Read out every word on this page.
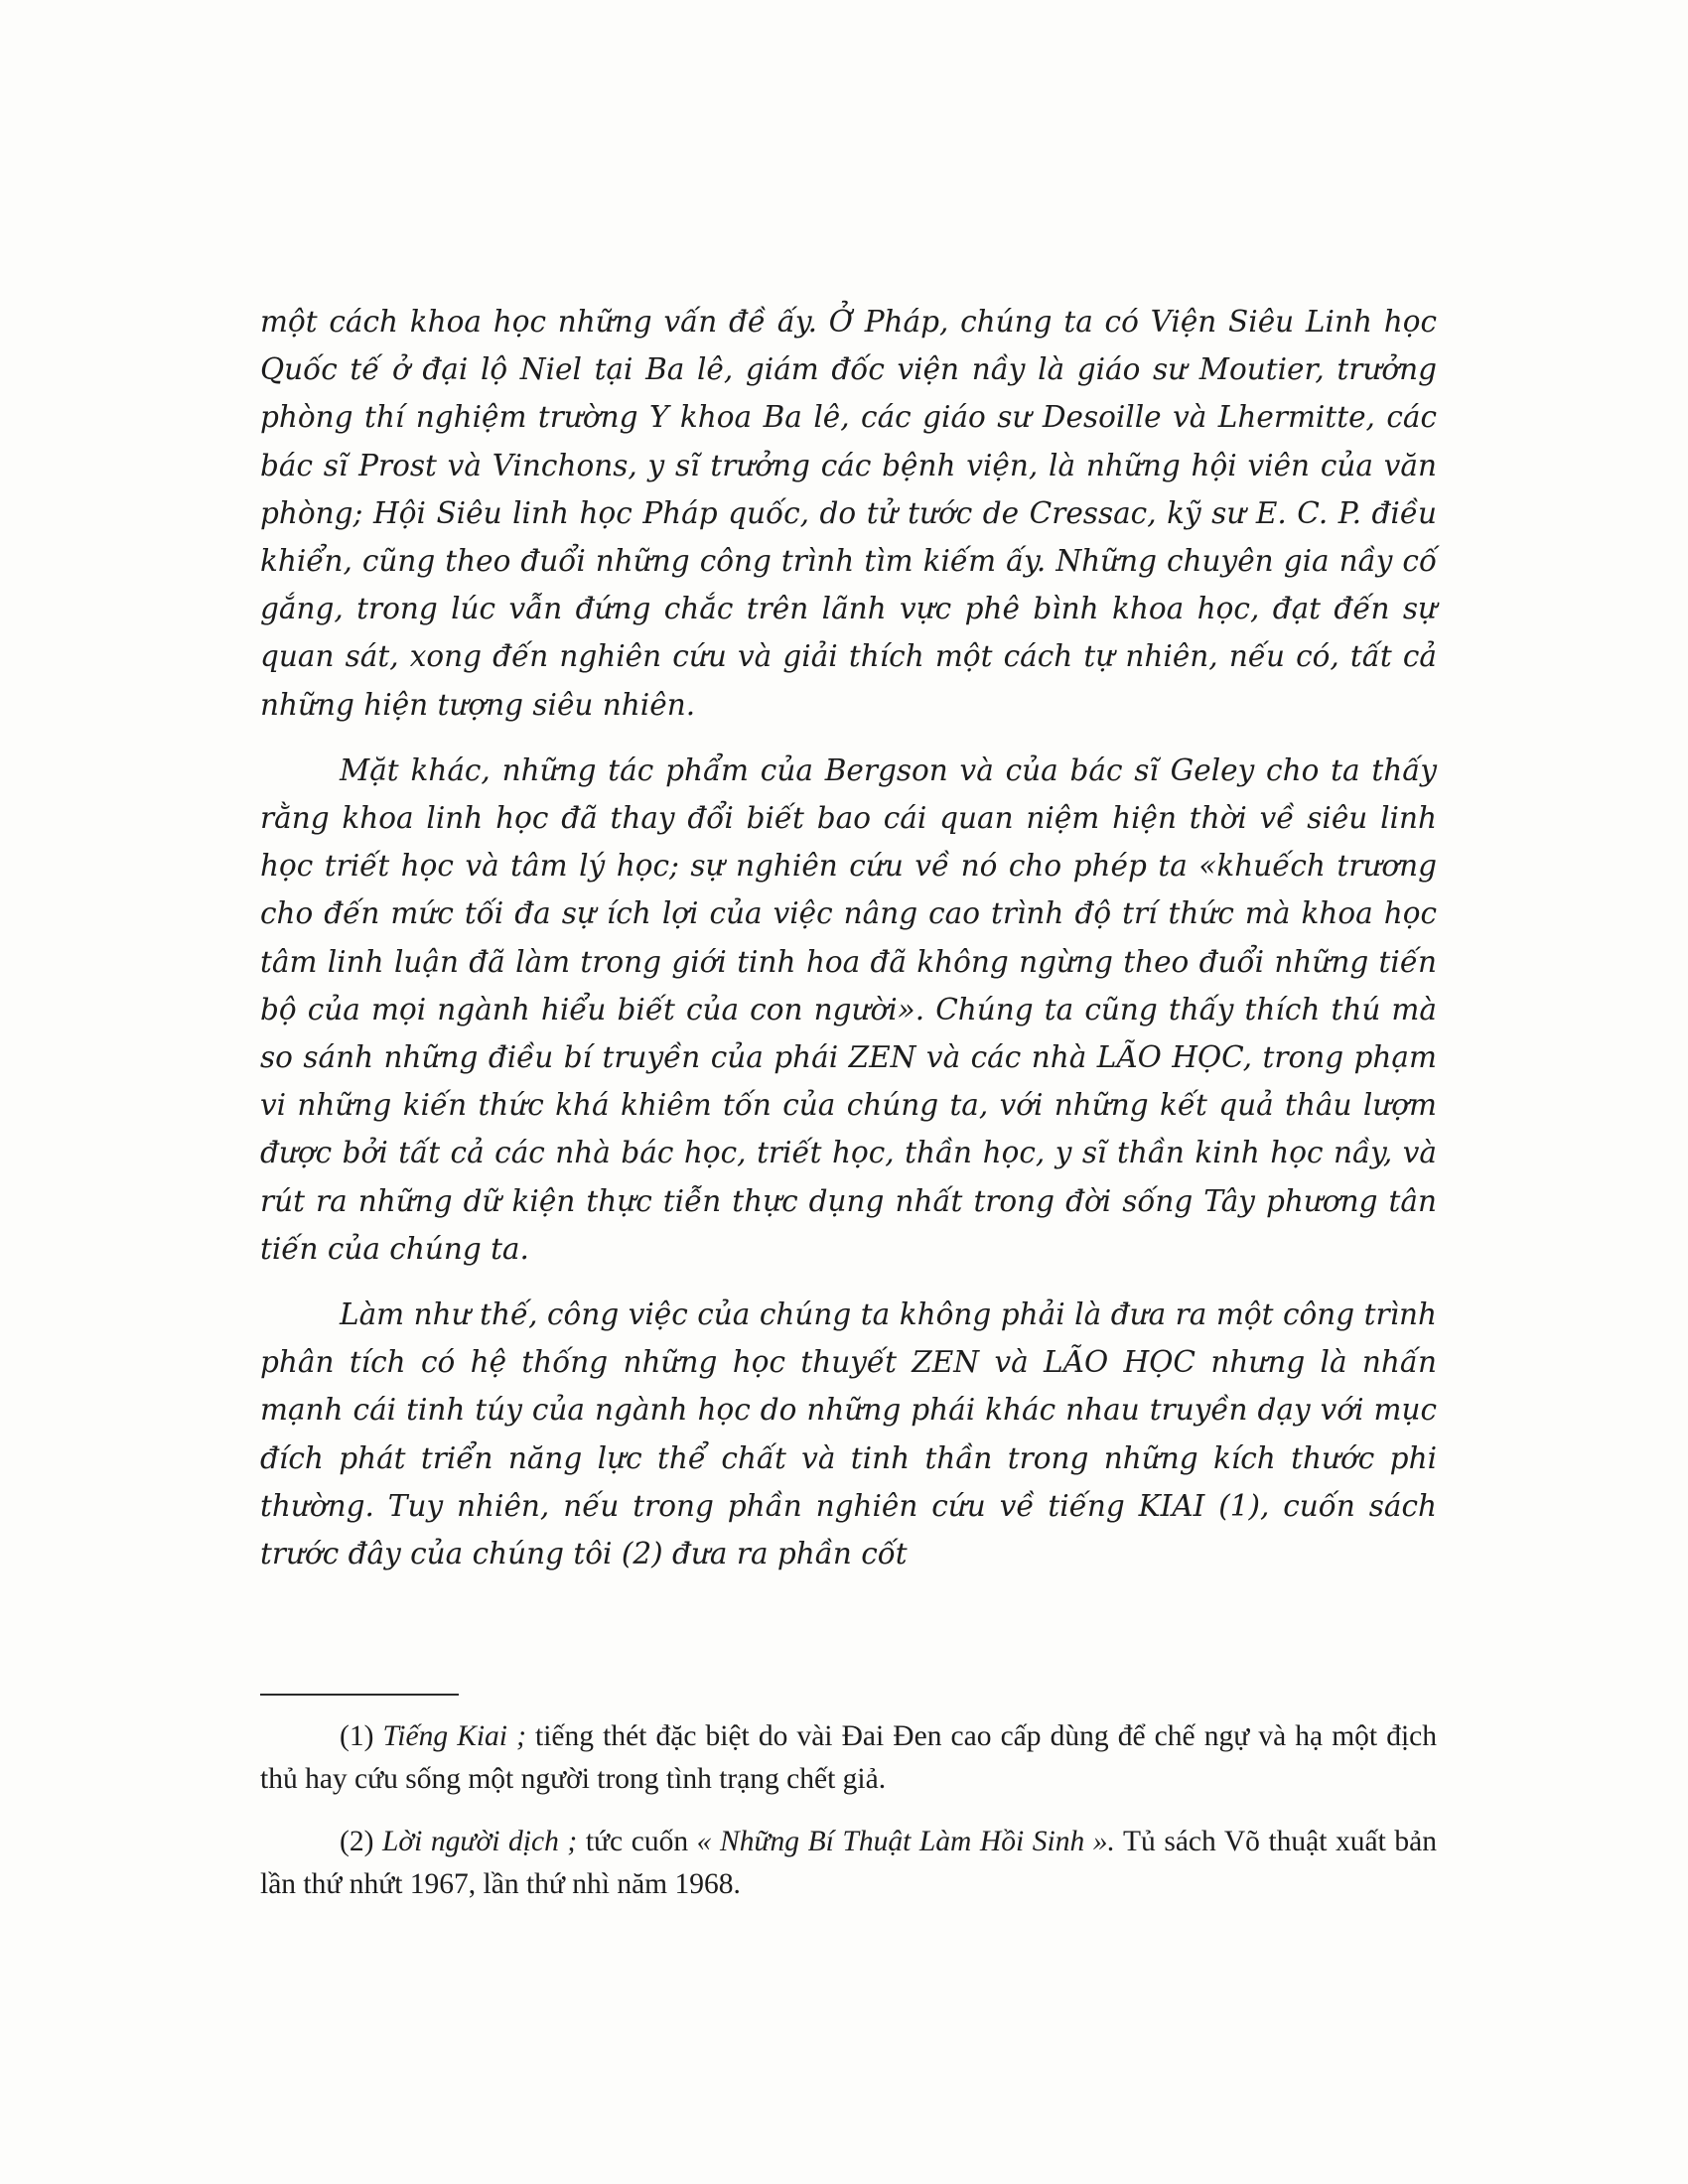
một cách khoa học những vấn đề ấy. Ở Pháp, chúng ta có Viện Siêu Linh học Quốc tế ở đại lộ Niel tại Ba lê, giám đốc viện nầy là giáo sư Moutier, trưởng phòng thí nghiệm trường Y khoa Ba lê, các giáo sư Desoille và Lhermitte, các bác sĩ Prost và Vinchons, y sĩ trưởng các bệnh viện, là những hội viên của văn phòng; Hội Siêu linh học Pháp quốc, do tử tước de Cressac, kỹ sư E. C. P. điều khiển, cũng theo đuổi những công trình tìm kiếm ấy. Những chuyên gia nầy cố gắng, trong lúc vẫn đứng chắc trên lãnh vực phê bình khoa học, đạt đến sự quan sát, xong đến nghiên cứu và giải thích một cách tự nhiên, nếu có, tất cả những hiện tượng siêu nhiên.

Mặt khác, những tác phẩm của Bergson và của bác sĩ Geley cho ta thấy rằng khoa linh học đã thay đổi biết bao cái quan niệm hiện thời về siêu linh học triết học và tâm lý học; sự nghiên cứu về nó cho phép ta «khuếch trương cho đến mức tối đa sự ích lợi của việc nâng cao trình độ trí thức mà khoa học tâm linh luận đã làm trong giới tinh hoa đã không ngừng theo đuổi những tiến bộ của mọi ngành hiểu biết của con người». Chúng ta cũng thấy thích thú mà so sánh những điều bí truyền của phái ZEN và các nhà LÃO HỌC, trong phạm vi những kiến thức khá khiêm tốn của chúng ta, với những kết quả thâu lượm được bởi tất cả các nhà bác học, triết học, thần học, y sĩ thần kinh học nầy, và rút ra những dữ kiện thực tiễn thực dụng nhất trong đời sống Tây phương tân tiến của chúng ta.

Làm như thế, công việc của chúng ta không phải là đưa ra một công trình phân tích có hệ thống những học thuyết ZEN và LÃO HỌC nhưng là nhấn mạnh cái tinh túy của ngành học do những phái khác nhau truyền dạy với mục đích phát triển năng lực thể chất và tinh thần trong những kích thước phi thường. Tuy nhiên, nếu trong phần nghiên cứu về tiếng KIAI (1), cuốn sách trước đây của chúng tôi (2) đưa ra phần cốt

(1) Tiếng Kiai ; tiếng thét đặc biệt do vài Đai Đen cao cấp dùng để chế ngự và hạ một địch thủ hay cứu sống một người trong tình trạng chết giả.

(2) Lời người dịch ; tức cuốn « Những Bí Thuật Làm Hồi Sinh ». Tủ sách Võ thuật xuất bản lần thứ nhứt 1967, lần thứ nhì năm 1968.
